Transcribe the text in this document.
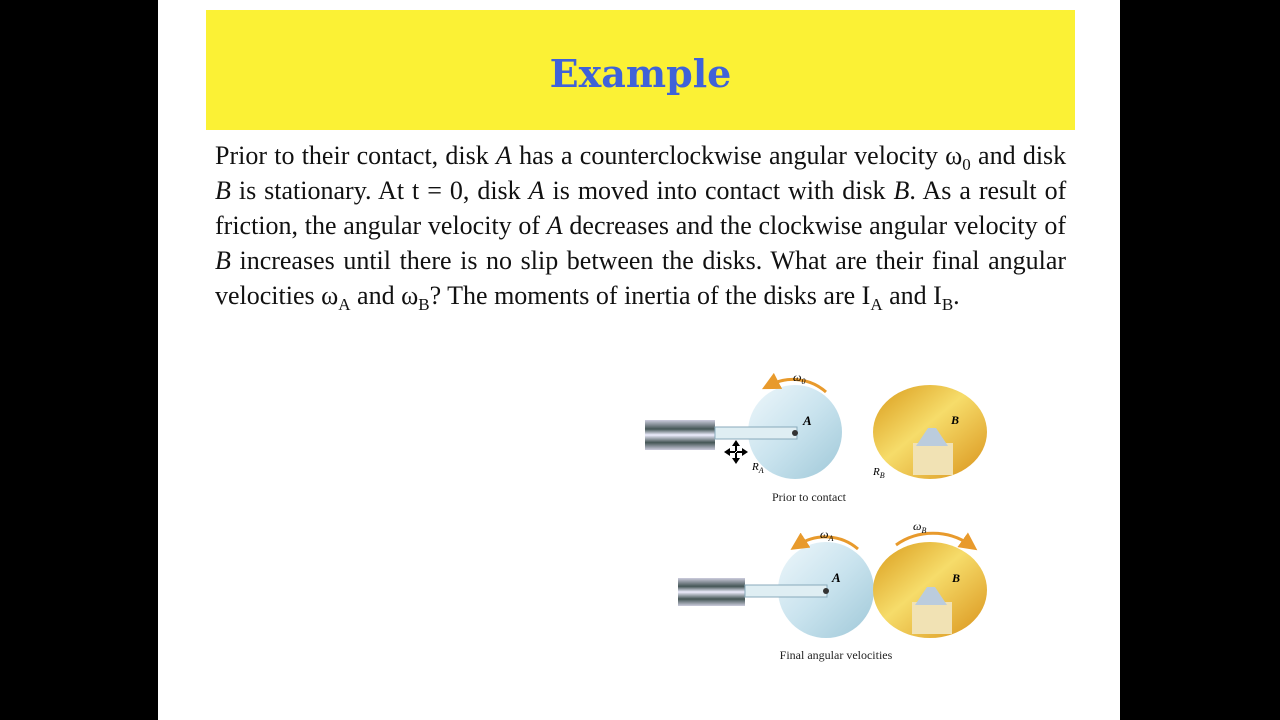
Example
Prior to their contact, disk A has a counterclockwise angular velocity $\omega_0$ and disk B is stationary. At t = 0, disk A is moved into contact with disk B. As a result of friction, the angular velocity of A decreases and the clockwise angular velocity of B increases until there is no slip between the disks. What are their final angular velocities $\omega_A$ and $\omega_B$? The moments of inertia of the disks are $I_A$ and $I_B$.
$\omega_0$
A
$R_A$
B
$R_B$
Prior to contact
$\omega_A$
A
$\omega_B$
B
Final angular velocities
